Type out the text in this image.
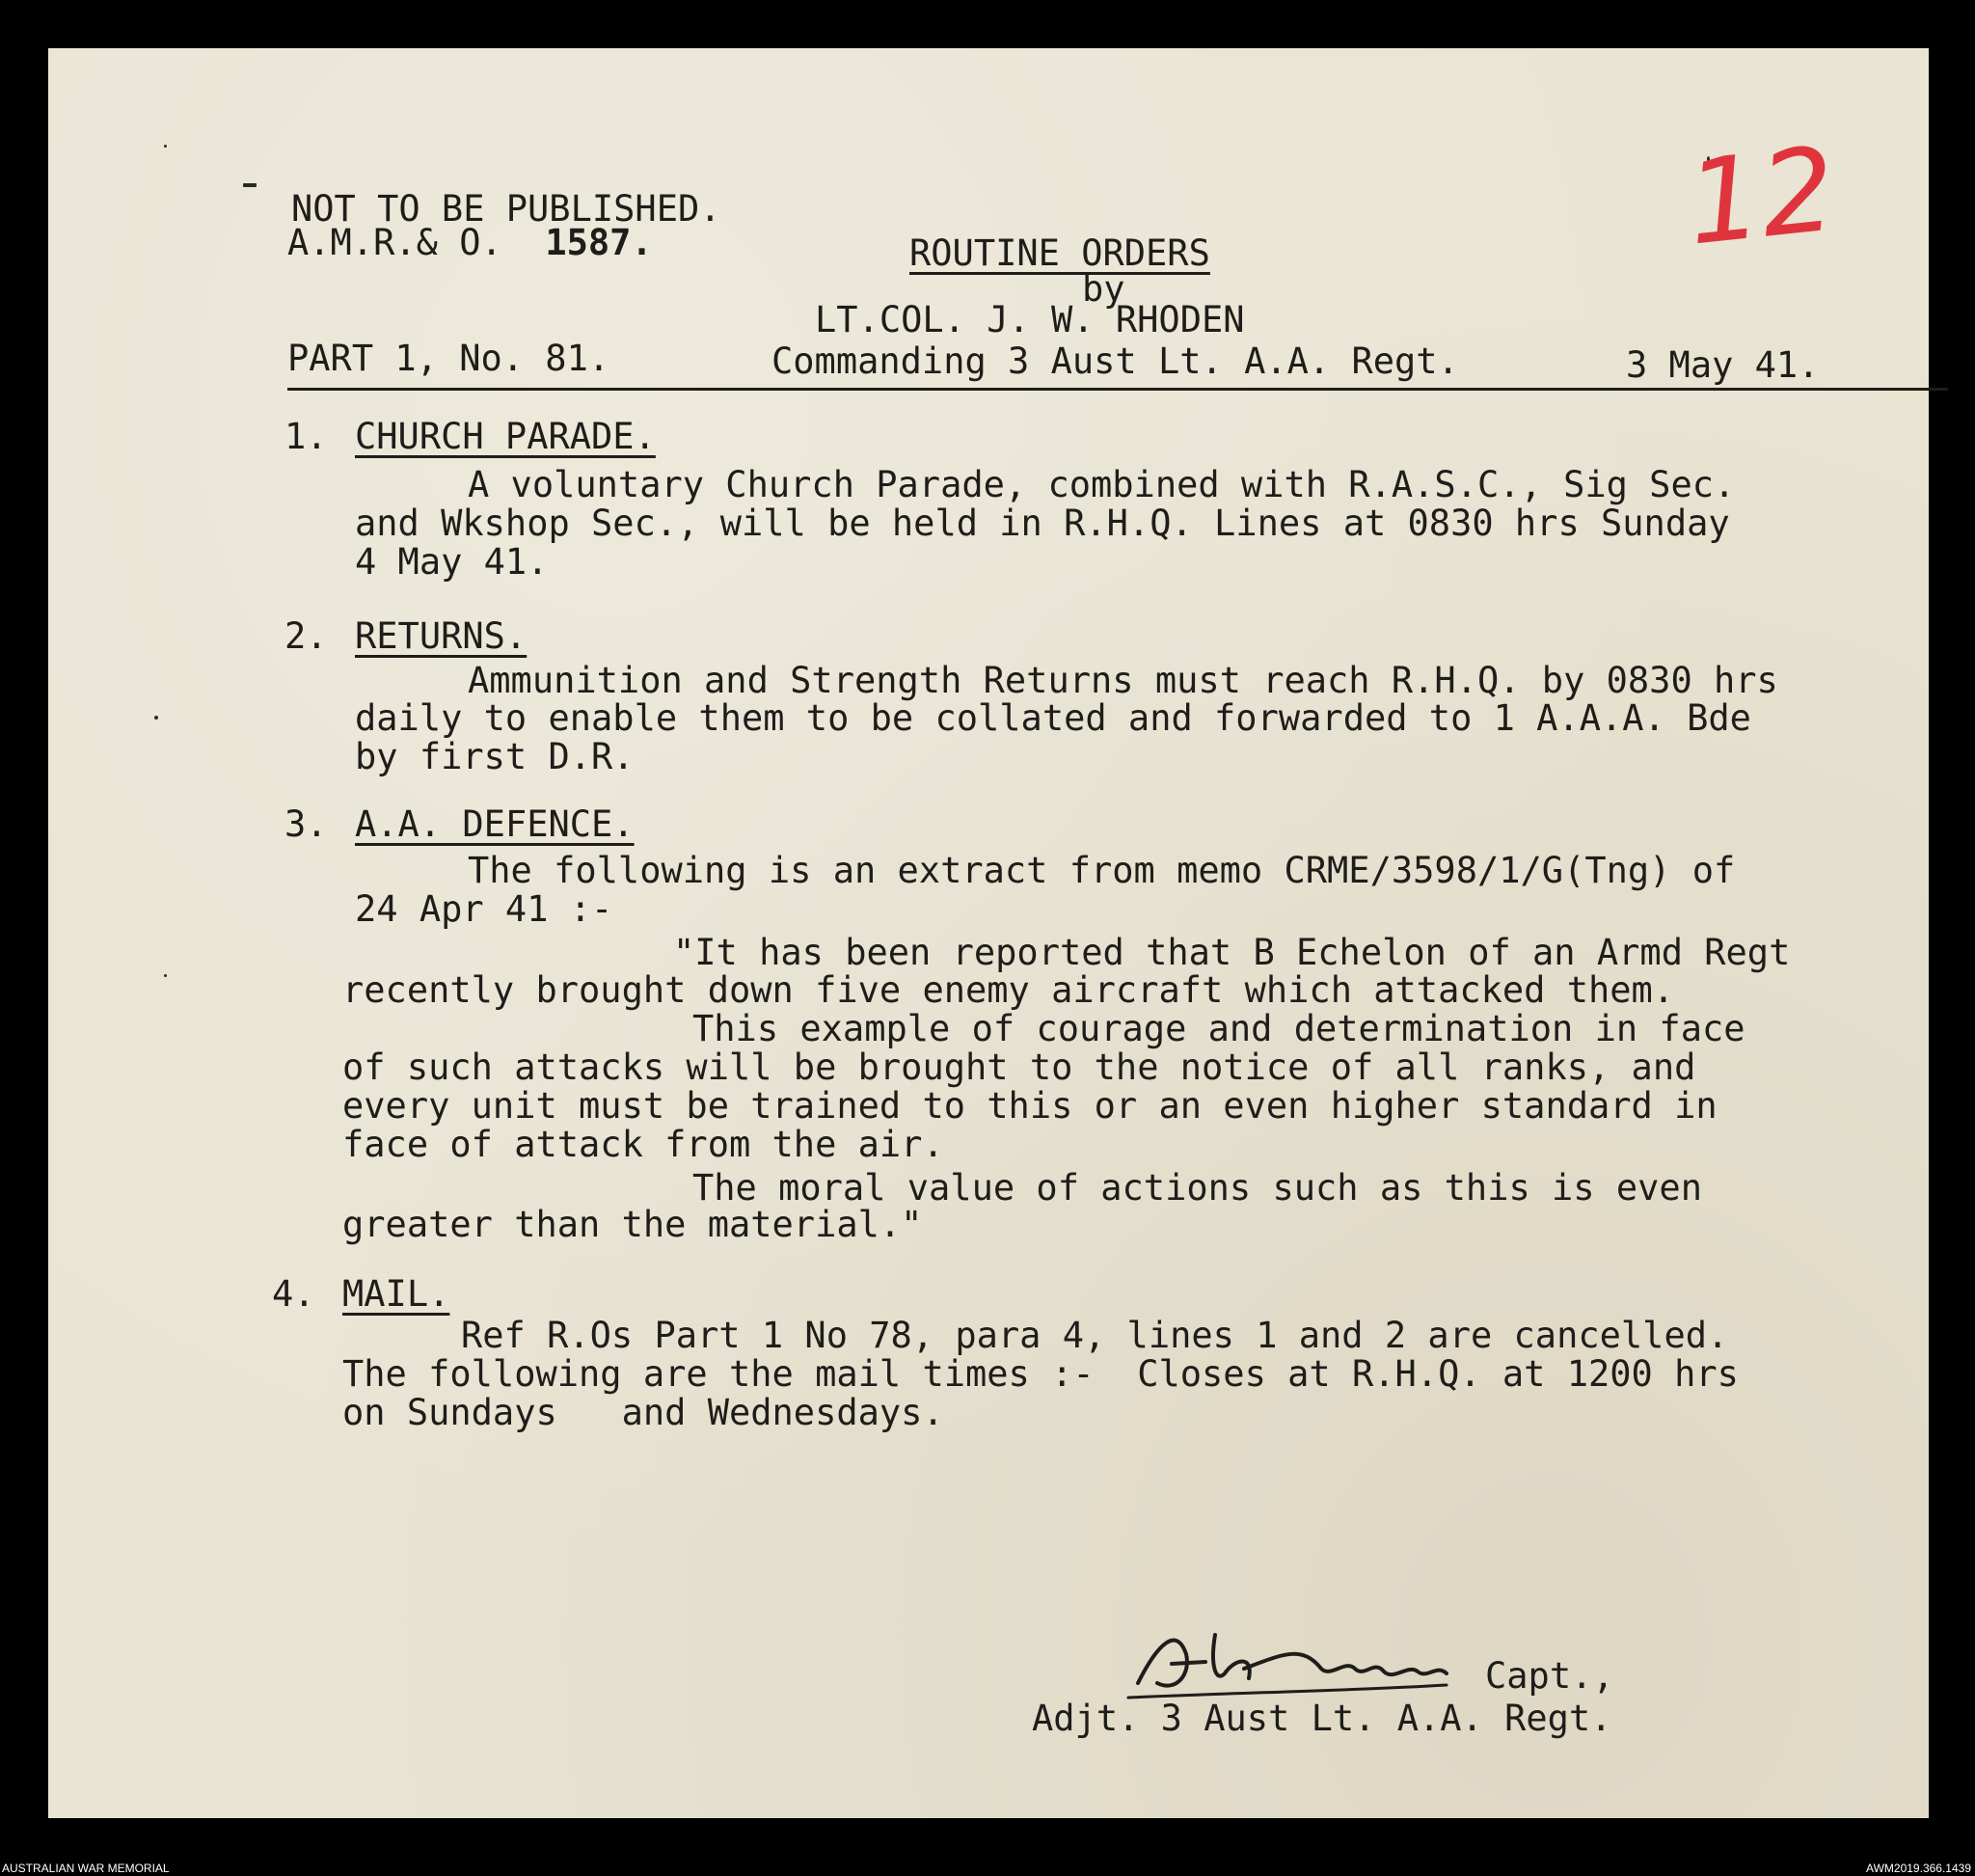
NOT TO BE PUBLISHED.
A.M.R.& O. 1587.	ROUTINE ORDERS
by
LT.COL. J. W. RHODEN
PART 1, No. 81.	Commanding 3 Aust Lt. A.A. Regt.	3 May 41.
12
1. CHURCH PARADE.
A voluntary Church Parade, combined with R.A.S.C., Sig Sec.
and Wkshop Sec., will be held in R.H.Q. Lines at 0830 hrs Sunday
4 May 41.
2. RETURNS.
Ammunition and Strength Returns must reach R.H.Q. by 0830 hrs
daily to enable them to be collated and forwarded to 1 A.A.A. Bde
by first D.R.
3. A.A. DEFENCE.
The following is an extract from memo CRME/3598/1/G(Tng) of
24 Apr 41 :-
"It has been reported that B Echelon of an Armd Regt
recently brought down five enemy aircraft which attacked them.
This example of courage and determination in face
of such attacks will be brought to the notice of all ranks, and
every unit must be trained to this or an even higher standard in
face of attack from the air.
The moral value of actions such as this is even
greater than the material."
4. MAIL.
Ref R.Os Part 1 No 78, para 4, lines 1 and 2 are cancelled.
The following are the mail times :-  Closes at R.H.Q. at 1200 hrs
on Sundays   and Wednesdays.
Capt.,
Adjt. 3 Aust Lt. A.A. Regt.
AUSTRALIAN WAR MEMORIAL	AWM2019.366.1439
